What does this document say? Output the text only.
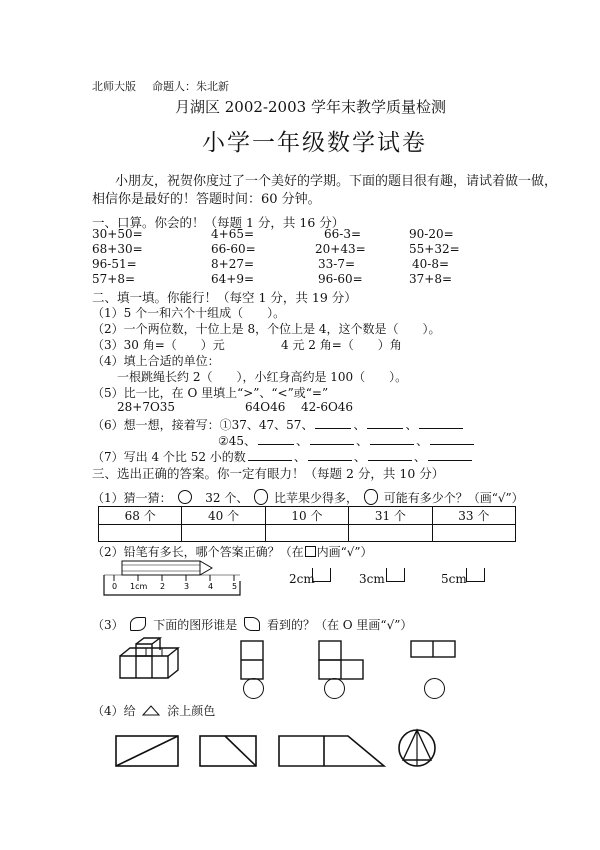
北师大版 命题人：朱北新
月湖区 2002-2003 学年末教学质量检测
小学一年级数学试卷
小朋友，祝贺你度过了一个美好的学期。下面的题目很有趣，请试着做一做，
相信你是最好的！答题时间：60 分钟。
一、口算。你会的！（每题 1 分，共 16 分）
30+50=	4+65=	66-3=	90-20=
68+30=	66-60=	20+43=	55+32=
96-51=	8+27=	33-7=	40-8=
57+8=	64+9=	96-60=	37+8=
二、填一填。你能行！（每空 1 分，共 19 分）
（1）5 个一和六个十组成（　　）。
（2）一个两位数，十位上是 8，个位上是 4，这个数是（　　）。
（3）30 角=（　　）元	4 元 2 角=（　　）角
（4）填上合适的单位：
一根跳绳长约 2（　　），小红身高约是 100（　　）。
（5）比一比，在 O 里填上“>”、“<”或“=”
28+7O35	64O46 42-6O46
（6）想一想，接着写：①37、47、57、	、	、
②45、	、	、	、
（7）写出 4 个比 52 小的数	、	、	、
三、选出正确的答案。你一定有眼力！（每题 2 分，共 10 分）
（1）猜一猜：	32 个、 比苹果少得多， 可能有多少个？（画“√”）
68 个	40 个	10 个	31 个	33 个

（2）铅笔有多长，哪个答案正确？（在 内画“√”）
0 1cm 2 3 4 5
2cm	3cm	5cm
（3） 下面的图形谁是 看到的？（在 O 里画“√”）
（4）给	涂上颜色
